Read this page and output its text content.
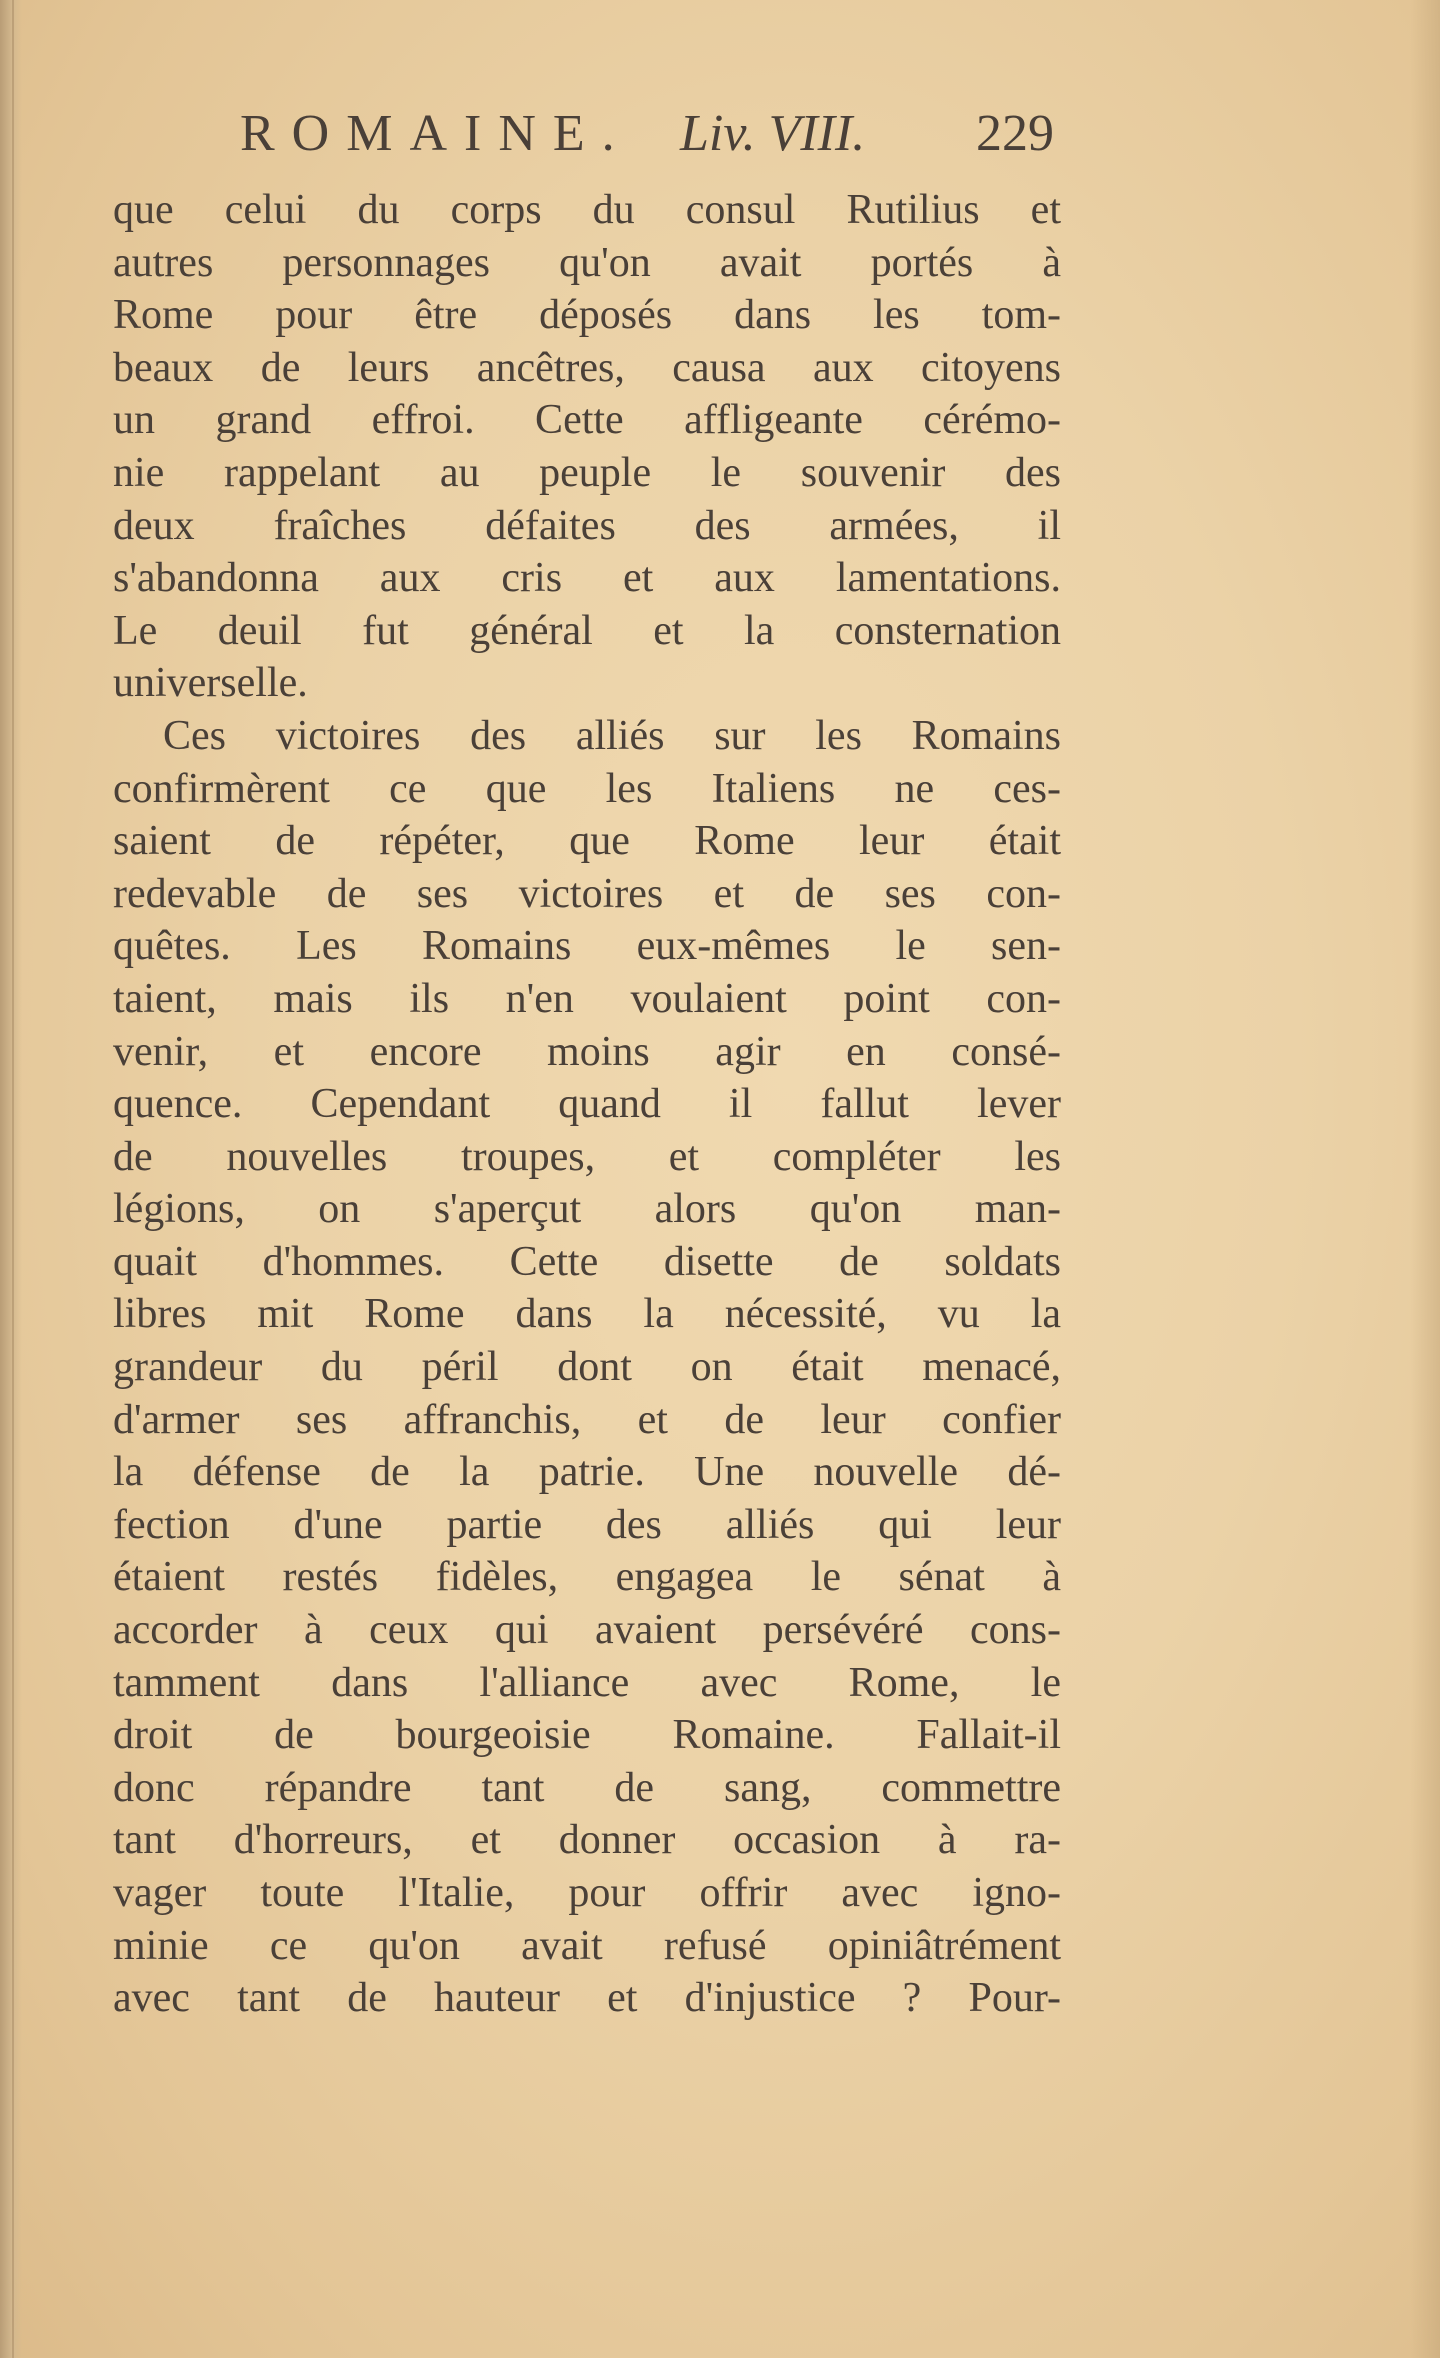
ROMAINE. Liv. VIII. 229
que celui du corps du consul Rutilius et
autres personnages qu'on avait portés à
Rome pour être déposés dans les tom-
beaux de leurs ancêtres, causa aux citoyens
un grand effroi. Cette affligeante cérémo-
nie rappelant au peuple le souvenir des
deux fraîches défaites des armées, il
s'abandonna aux cris et aux lamentations.
Le deuil fut général et la consternation
universelle.
Ces victoires des alliés sur les Romains
confirmèrent ce que les Italiens ne ces-
saient de répéter, que Rome leur était
redevable de ses victoires et de ses con-
quêtes. Les Romains eux-mêmes le sen-
taient, mais ils n'en voulaient point con-
venir, et encore moins agir en consé-
quence. Cependant quand il fallut lever
de nouvelles troupes, et compléter les
légions, on s'aperçut alors qu'on man-
quait d'hommes. Cette disette de soldats
libres mit Rome dans la nécessité, vu la
grandeur du péril dont on était menacé,
d'armer ses affranchis, et de leur confier
la défense de la patrie. Une nouvelle dé-
fection d'une partie des alliés qui leur
étaient restés fidèles, engagea le sénat à
accorder à ceux qui avaient persévéré cons-
tamment dans l'alliance avec Rome, le
droit de bourgeoisie Romaine. Fallait-il
donc répandre tant de sang, commettre
tant d'horreurs, et donner occasion à ra-
vager toute l'Italie, pour offrir avec igno-
minie ce qu'on avait refusé opiniâtrément
avec tant de hauteur et d'injustice ? Pour-
